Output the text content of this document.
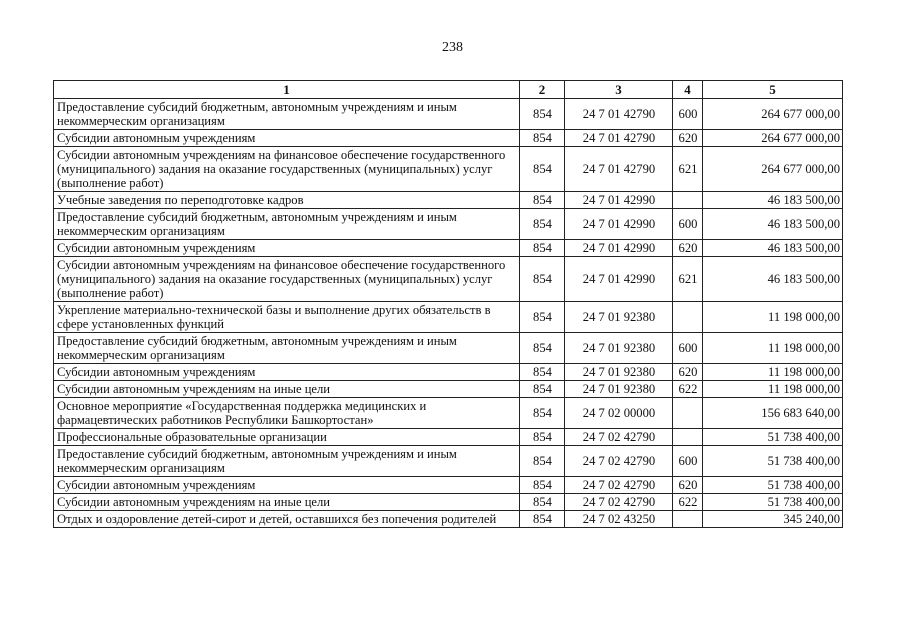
238
1	2	3	4	5
Предоставление субсидий бюджетным, автономным учреждениям и иным некоммерческим организациям	854	24 7 01 42790	600	264 677 000,00
Субсидии автономным учреждениям	854	24 7 01 42790	620	264 677 000,00
Субсидии автономным учреждениям на финансовое обеспечение государственного (муниципального) задания на оказание государственных (муниципальных) услуг (выполнение работ)	854	24 7 01 42790	621	264 677 000,00
Учебные заведения по переподготовке кадров	854	24 7 01 42990		46 183 500,00
Предоставление субсидий бюджетным, автономным учреждениям и иным некоммерческим организациям	854	24 7 01 42990	600	46 183 500,00
Субсидии автономным учреждениям	854	24 7 01 42990	620	46 183 500,00
Субсидии автономным учреждениям на финансовое обеспечение государственного (муниципального) задания на оказание государственных (муниципальных) услуг (выполнение работ)	854	24 7 01 42990	621	46 183 500,00
Укрепление материально-технической базы и выполнение других обязательств в сфере установленных функций	854	24 7 01 92380		11 198 000,00
Предоставление субсидий бюджетным, автономным учреждениям и иным некоммерческим организациям	854	24 7 01 92380	600	11 198 000,00
Субсидии автономным учреждениям	854	24 7 01 92380	620	11 198 000,00
Субсидии автономным учреждениям на иные цели	854	24 7 01 92380	622	11 198 000,00
Основное мероприятие «Государственная поддержка медицинских и фармацевтических работников Республики Башкортостан»	854	24 7 02 00000		156 683 640,00
Профессиональные образовательные организации	854	24 7 02 42790		51 738 400,00
Предоставление субсидий бюджетным, автономным учреждениям и иным некоммерческим организациям	854	24 7 02 42790	600	51 738 400,00
Субсидии автономным учреждениям	854	24 7 02 42790	620	51 738 400,00
Субсидии автономным учреждениям на иные цели	854	24 7 02 42790	622	51 738 400,00
Отдых и оздоровление детей-сирот и детей, оставшихся без попечения родителей	854	24 7 02 43250		345 240,00
